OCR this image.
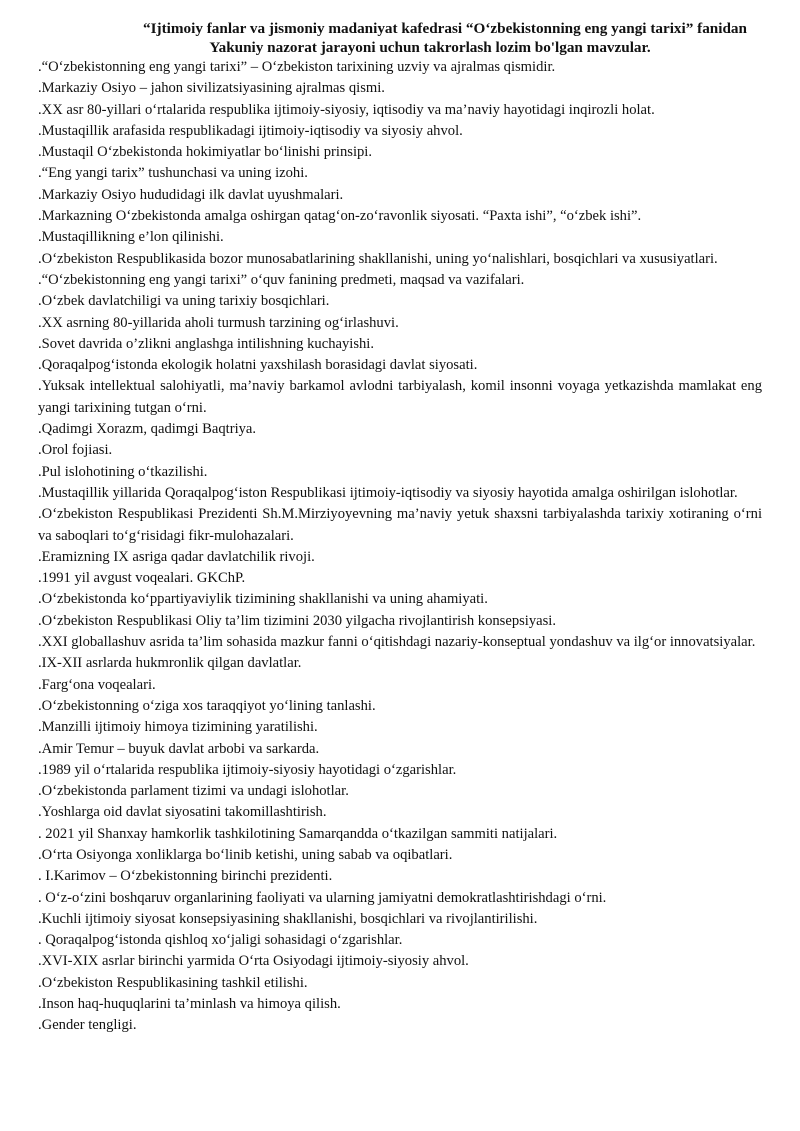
“Ijtimoiy fanlar va jismoniy madaniyat kafedrasi “O‘zbekistonning eng yangi tarixi” fanidan
Yakuniy nazorat jarayoni uchun takrorlash lozim bo'lgan mavzular.
.“O‘zbekistonning eng yangi tarixi” – O‘zbekiston tarixining uzviy va ajralmas qismidir.
.Markaziy Osiyo – jahon sivilizatsiyasining ajralmas qismi.
.XX asr 80-yillari o‘rtalarida respublika ijtimoiy-siyosiy, iqtisodiy va ma’naviy hayotidagi inqirozli holat.
.Mustaqillik arafasida respublikadagi ijtimoiy-iqtisodiy va siyosiy ahvol.
.Mustaqil O‘zbekistonda hokimiyatlar bo‘linishi prinsipi.
.“Eng yangi tarix” tushunchasi va uning izohi.
.Markaziy Osiyo hududidagi ilk davlat uyushmalari.
.Markazning O‘zbekistonda amalga oshirgan qatag‘on-zo‘ravonlik siyosati. “Paxta ishi”, “o‘zbek ishi”.
.Mustaqillikning e’lon qilinishi.
.O‘zbekiston Respublikasida bozor munosabatlarining shakllanishi, uning yo‘nalishlari, bosqichlari va xususiyatlari.
.“O‘zbekistonning eng yangi tarixi” o‘quv fanining predmeti, maqsad va vazifalari.
.O‘zbek davlatchiligi va uning tarixiy bosqichlari.
.XX asrning 80-yillarida aholi turmush tarzining og‘irlashuvi.
.Sovet davrida o’zlikni anglashga intilishning kuchayishi.
.Qoraqalpog‘istonda ekologik holatni yaxshilash borasidagi davlat siyosati.
.Yuksak intellektual salohiyatli, ma’naviy barkamol avlodni tarbiyalash, komil insonni voyaga yetkazishda mamlakat eng yangi tarixining tutgan o‘rni.
.Qadimgi Xorazm, qadimgi Baqtriya.
.Orol fojiasi.
.Pul islohotining o‘tkazilishi.
.Mustaqillik yillarida Qoraqalpog‘iston Respublikasi ijtimoiy-iqtisodiy va siyosiy hayotida amalga oshirilgan islohotlar.
.O‘zbekiston Respublikasi Prezidenti Sh.M.Mirziyoyevning ma’naviy yetuk shaxsni tarbiyalashda tarixiy xotiraning o‘rni va saboqlari to‘g‘risidagi fikr-mulohazalari.
.Eramizning IX asriga qadar davlatchilik rivoji.
.1991 yil avgust voqealari. GKChP.
.O‘zbekistonda ko‘ppartiyaviylik tizimining shakllanishi va uning ahamiyati.
.O‘zbekiston Respublikasi Oliy ta’lim tizimini 2030 yilgacha rivojlantirish konsepsiyasi.
.XXI globallashuv asrida ta’lim sohasida mazkur fanni o‘qitishdagi nazariy-konseptual yondashuv va ilg‘or innovatsiyalar.
.IX-XII asrlarda hukmronlik qilgan davlatlar.
.Farg‘ona voqealari.
.O‘zbekistonning o‘ziga xos taraqqiyot yo‘lining tanlashi.
.Manzilli ijtimoiy himoya tizimining yaratilishi.
.Amir Temur – buyuk davlat arbobi va sarkarda.
.1989 yil o‘rtalarida respublika ijtimoiy-siyosiy hayotidagi o‘zgarishlar.
.O‘zbekistonda parlament tizimi va undagi islohotlar.
.Yoshlarga oid davlat siyosatini takomillashtirish.
. 2021 yil Shanxay hamkorlik tashkilotining Samarqandda o‘tkazilgan sammiti natijalari.
.O‘rta Osiyonga xonliklarga bo‘linib ketishi, uning sabab va oqibatlari.
. I.Karimov – O‘zbekistonning birinchi prezidenti.
. O‘z-o‘zini boshqaruv organlarining faoliyati va ularning jamiyatni demokratlashtirishdagi o‘rni.
.Kuchli ijtimoiy siyosat konsepsiyasining shakllanishi, bosqichlari va rivojlantirilishi.
. Qoraqalpog‘istonda qishloq xo‘jaligi sohasidagi o‘zgarishlar.
.XVI-XIX asrlar birinchi yarmida O‘rta Osiyodagi ijtimoiy-siyosiy ahvol.
.O‘zbekiston Respublikasining tashkil etilishi.
.Inson haq-huquqlarini ta’minlash va himoya qilish.
.Gender tengligi.
